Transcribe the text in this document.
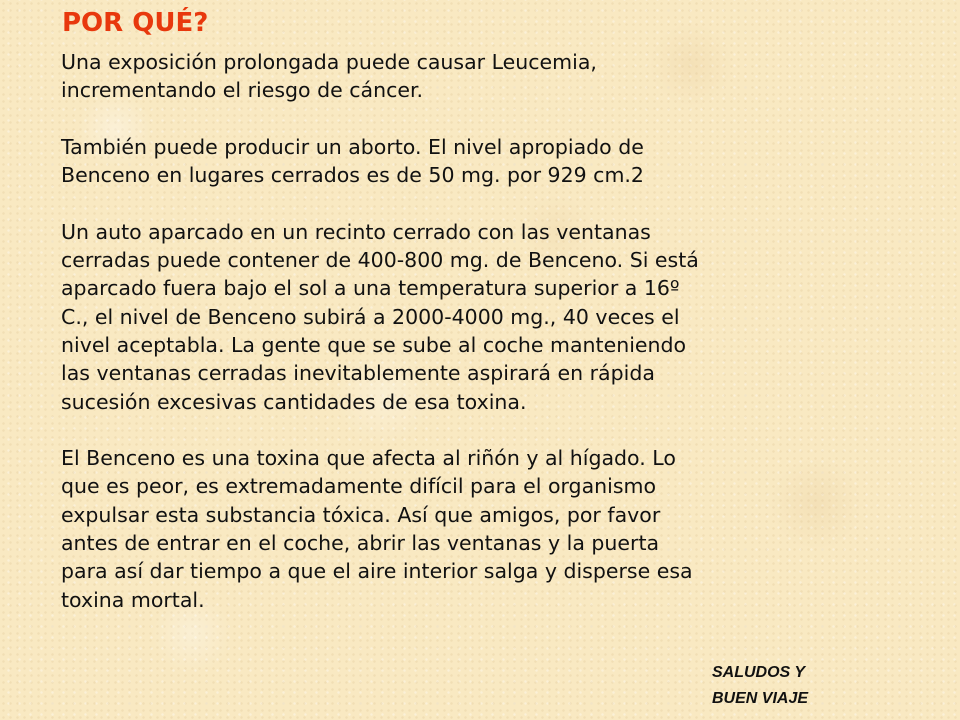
POR QUÉ?

Una exposición prolongada puede causar Leucemia,
incrementando el riesgo de cáncer.

También puede producir un aborto. El nivel apropiado de
Benceno en lugares cerrados es de 50 mg. por 929 cm.2

Un auto aparcado en un recinto cerrado con las ventanas
cerradas puede contener de 400-800 mg. de Benceno. Si está
aparcado fuera bajo el sol a una temperatura superior a 16º
C., el nivel de Benceno subirá a 2000-4000 mg., 40 veces el
nivel aceptabla. La gente que se sube al coche manteniendo
las ventanas cerradas inevitablemente aspirará en rápida
sucesión excesivas cantidades de esa toxina.

El Benceno es una toxina que afecta al riñón y al hígado. Lo
que es peor, es extremadamente difícil para el organismo
expulsar esta substancia tóxica. Así que amigos, por favor
antes de entrar en el coche, abrir las ventanas y la puerta
para así dar tiempo a que el aire interior salga y disperse esa
toxina mortal.

SALUDOS Y
BUEN VIAJE
